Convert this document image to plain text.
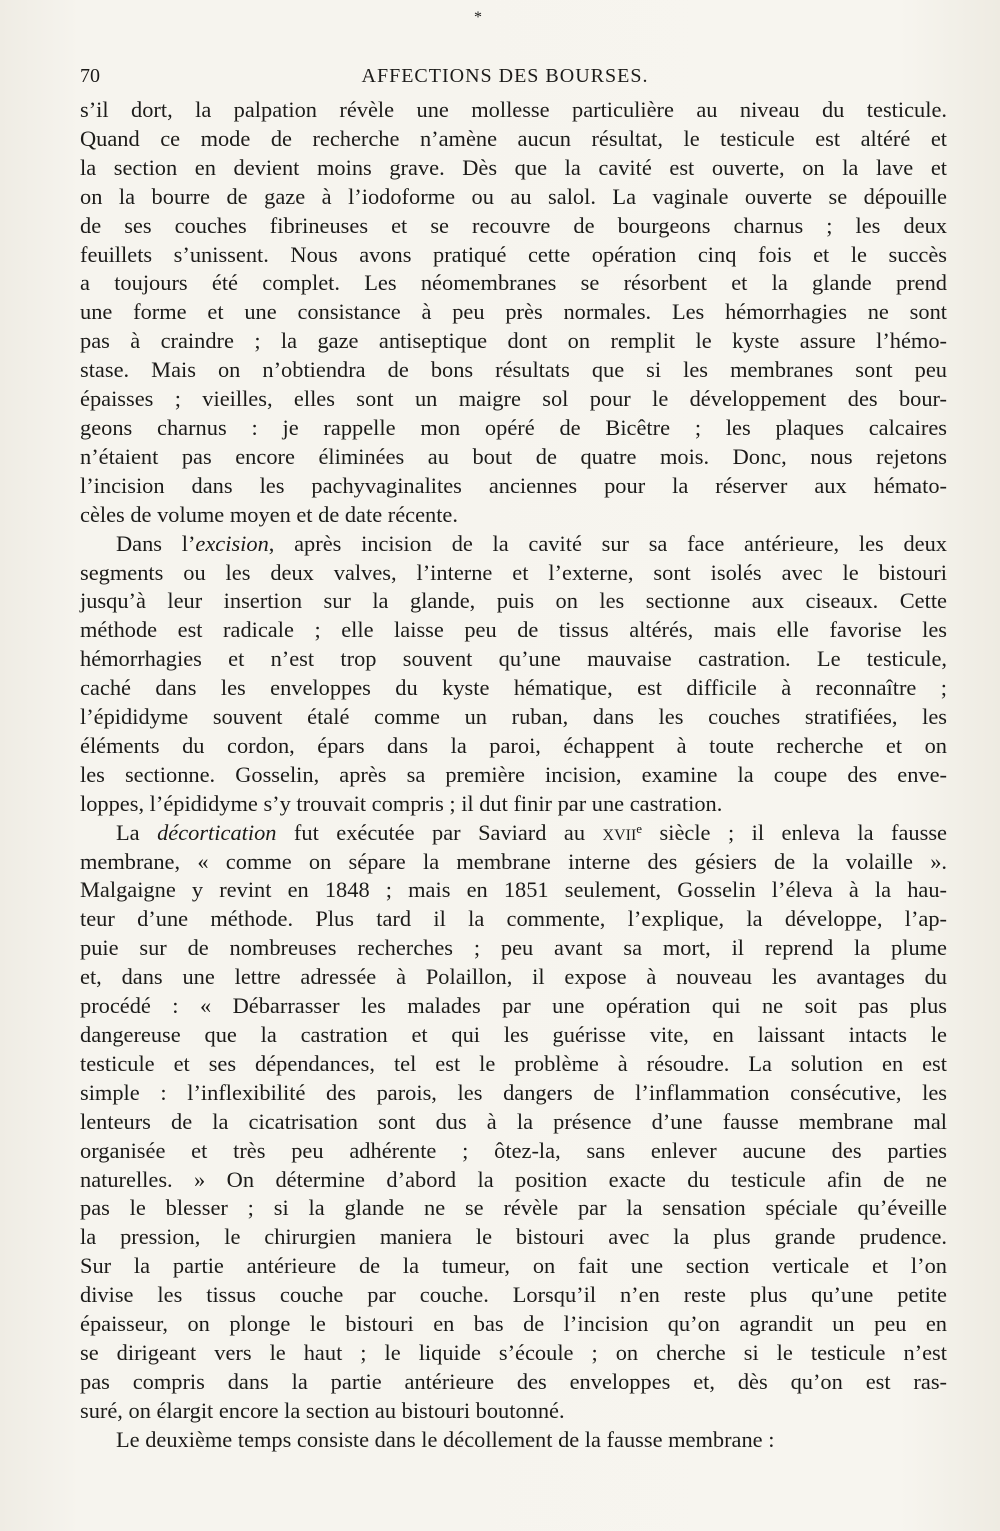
*
70	AFFECTIONS DES BOURSES.

s’il dort, la palpation révèle une mollesse particulière au niveau du testicule.
Quand ce mode de recherche n’amène aucun résultat, le testicule est altéré et
la section en devient moins grave. Dès que la cavité est ouverte, on la lave et
on la bourre de gaze à l’iodoforme ou au salol. La vaginale ouverte se dépouille
de ses couches fibrineuses et se recouvre de bourgeons charnus ; les deux
feuillets s’unissent. Nous avons pratiqué cette opération cinq fois et le succès
a toujours été complet. Les néomembranes se résorbent et la glande prend
une forme et une consistance à peu près normales. Les hémorrhagies ne sont
pas à craindre ; la gaze antiseptique dont on remplit le kyste assure l’hémo-
stase. Mais on n’obtiendra de bons résultats que si les membranes sont peu
épaisses ; vieilles, elles sont un maigre sol pour le développement des bour-
geons charnus : je rappelle mon opéré de Bicêtre ; les plaques calcaires
n’étaient pas encore éliminées au bout de quatre mois. Donc, nous rejetons
l’incision dans les pachyvaginalites anciennes pour la réserver aux hémato-
cèles de volume moyen et de date récente.

Dans l’excision, après incision de la cavité sur sa face antérieure, les deux
segments ou les deux valves, l’interne et l’externe, sont isolés avec le bistouri
jusqu’à leur insertion sur la glande, puis on les sectionne aux ciseaux. Cette
méthode est radicale ; elle laisse peu de tissus altérés, mais elle favorise les
hémorrhagies et n’est trop souvent qu’une mauvaise castration. Le testicule,
caché dans les enveloppes du kyste hématique, est difficile à reconnaître ;
l’épididyme souvent étalé comme un ruban, dans les couches stratifiées, les
éléments du cordon, épars dans la paroi, échappent à toute recherche et on
les sectionne. Gosselin, après sa première incision, examine la coupe des enve-
loppes, l’épididyme s’y trouvait compris ; il dut finir par une castration.

La décortication fut exécutée par Saviard au xvii$^e$ siècle ; il enleva la fausse
membrane, « comme on sépare la membrane interne des gésiers de la volaille ».
Malgaigne y revint en 1848 ; mais en 1851 seulement, Gosselin l’éleva à la hau-
teur d’une méthode. Plus tard il la commente, l’explique, la développe, l’ap-
puie sur de nombreuses recherches ; peu avant sa mort, il reprend la plume
et, dans une lettre adressée à Polaillon, il expose à nouveau les avantages du
procédé : « Débarrasser les malades par une opération qui ne soit pas plus
dangereuse que la castration et qui les guérisse vite, en laissant intacts le
testicule et ses dépendances, tel est le problème à résoudre. La solution en est
simple : l’inflexibilité des parois, les dangers de l’inflammation consécutive, les
lenteurs de la cicatrisation sont dus à la présence d’une fausse membrane mal
organisée et très peu adhérente ; ôtez-la, sans enlever aucune des parties
naturelles. » On détermine d’abord la position exacte du testicule afin de ne
pas le blesser ; si la glande ne se révèle par la sensation spéciale qu’éveille
la pression, le chirurgien maniera le bistouri avec la plus grande prudence.
Sur la partie antérieure de la tumeur, on fait une section verticale et l’on
divise les tissus couche par couche. Lorsqu’il n’en reste plus qu’une petite
épaisseur, on plonge le bistouri en bas de l’incision qu’on agrandit un peu en
se dirigeant vers le haut ; le liquide s’écoule ; on cherche si le testicule n’est
pas compris dans la partie antérieure des enveloppes et, dès qu’on est ras-
suré, on élargit encore la section au bistouri boutonné.

Le deuxième temps consiste dans le décollement de la fausse membrane :
